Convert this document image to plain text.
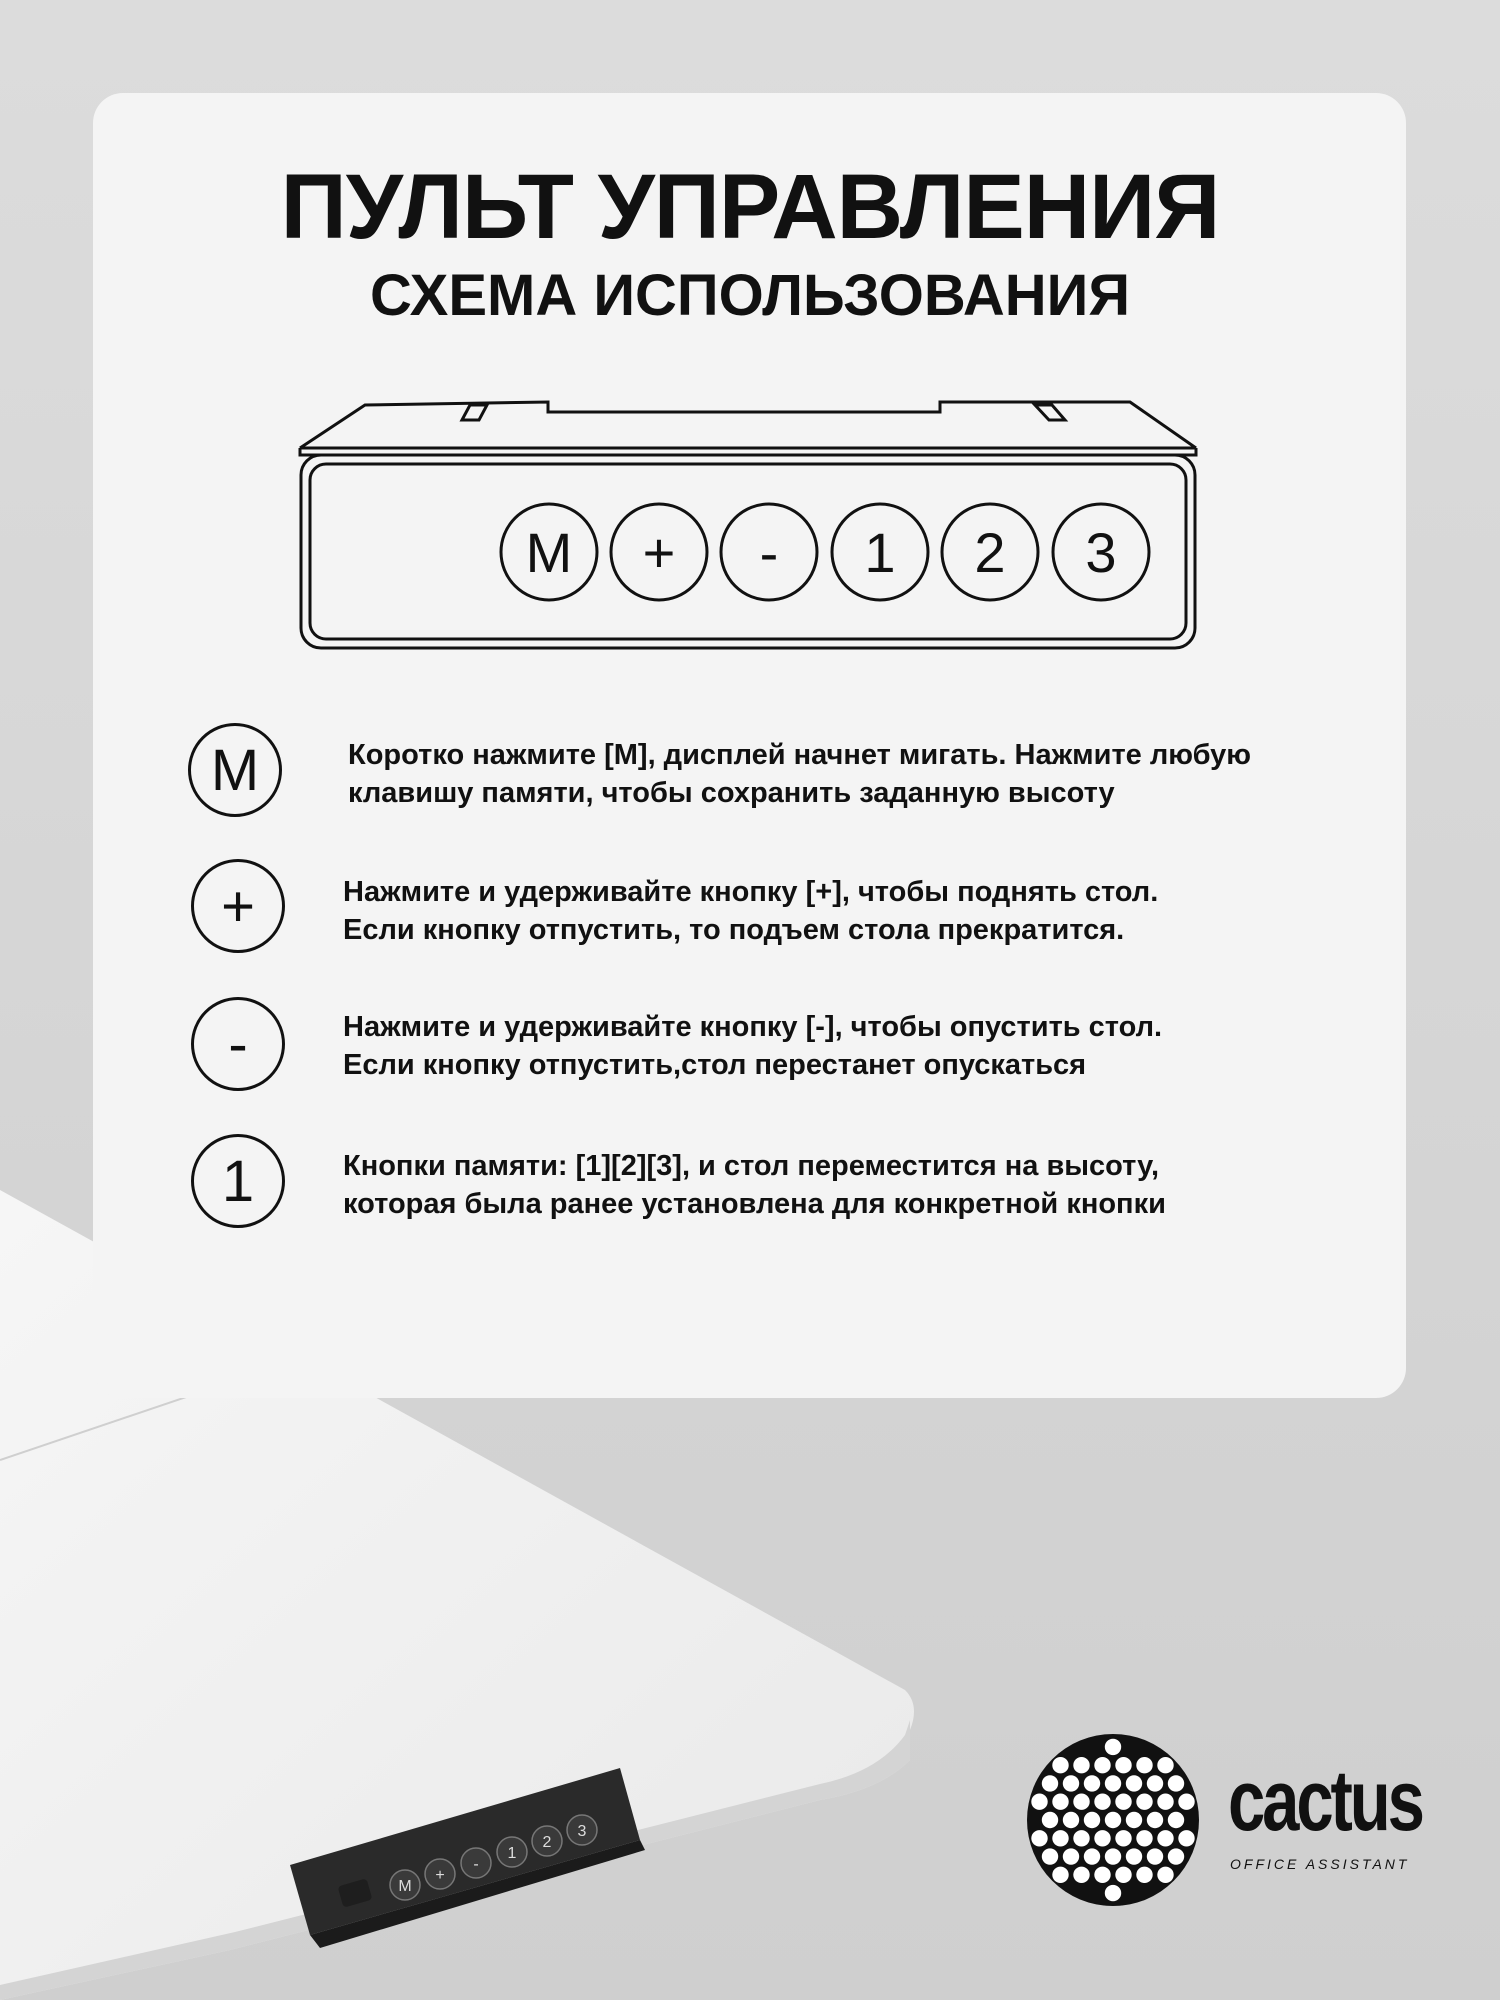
M
+
-
1
2
3
ПУЛЬТ УПРАВЛЕНИЯ
СХЕМА ИСПОЛЬЗОВАНИЯ
M + - 1 2 3
M	Коротко нажмите [M], дисплей начнет мигать. Нажмите любую
клавишу памяти, чтобы сохранить заданную высоту
+	Нажмите и удерживайте кнопку [+], чтобы поднять стол.
Если кнопку отпустить, то подъем стола прекратится.
-	Нажмите и удерживайте кнопку [-], чтобы опустить стол.
Если кнопку отпустить,стол перестанет опускаться
1	Кнопки памяти: [1][2][3], и стол переместится на высоту,
которая была ранее установлена для конкретной кнопки
cactus
OFFICE ASSISTANT
